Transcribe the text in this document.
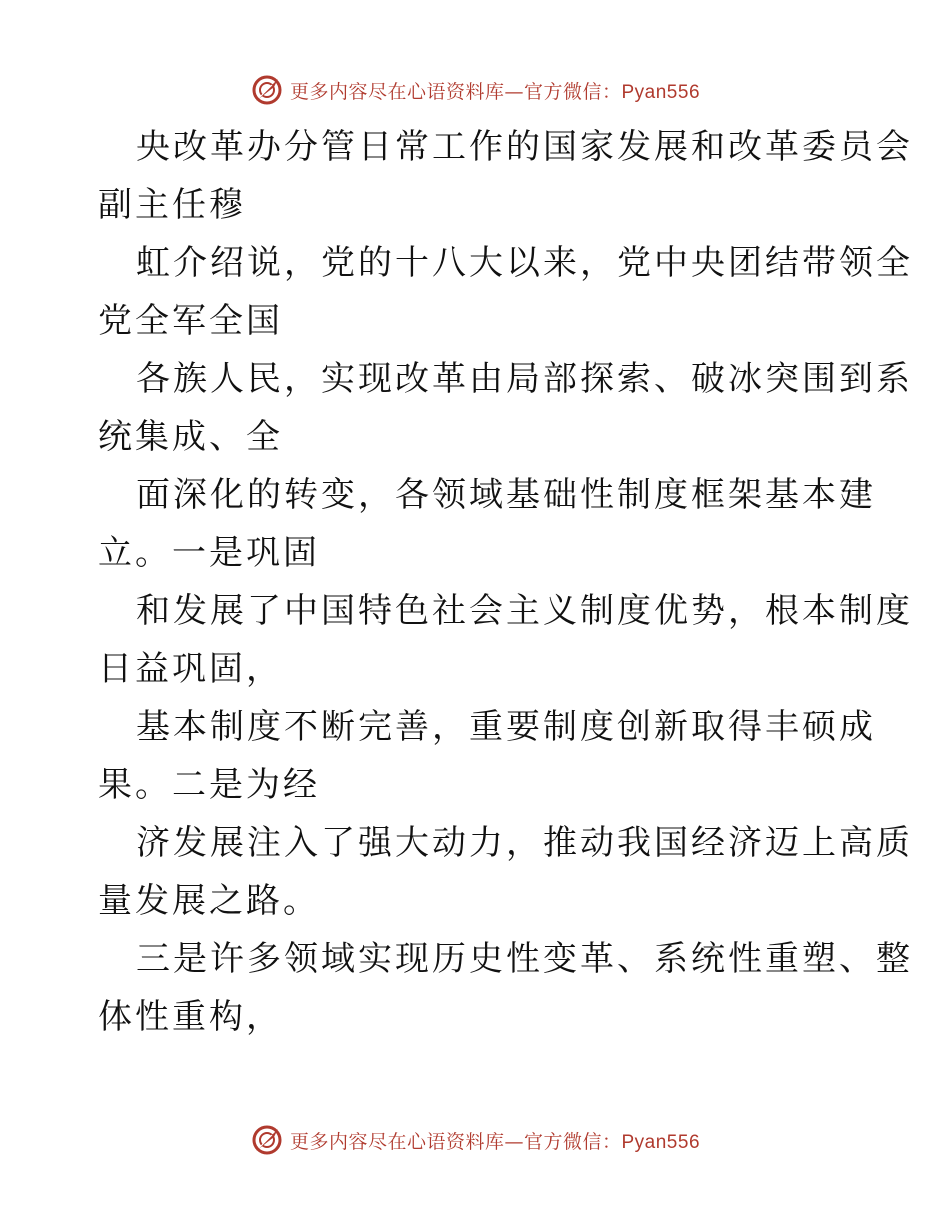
更多内容尽在心语资料库—官方微信：Pyan556
央改革办分管日常工作的国家发展和改革委员会
副主任穆
虹介绍说，党的十八大以来，党中央团结带领全
党全军全国
各族人民，实现改革由局部探索、破冰突围到系
统集成、全
面深化的转变，各领域基础性制度框架基本建
立。一是巩固
和发展了中国特色社会主义制度优势，根本制度
日益巩固，
基本制度不断完善，重要制度创新取得丰硕成
果。二是为经
济发展注入了强大动力，推动我国经济迈上高质
量发展之路。
三是许多领域实现历史性变革、系统性重塑、整
体性重构，
更多内容尽在心语资料库—官方微信：Pyan556
